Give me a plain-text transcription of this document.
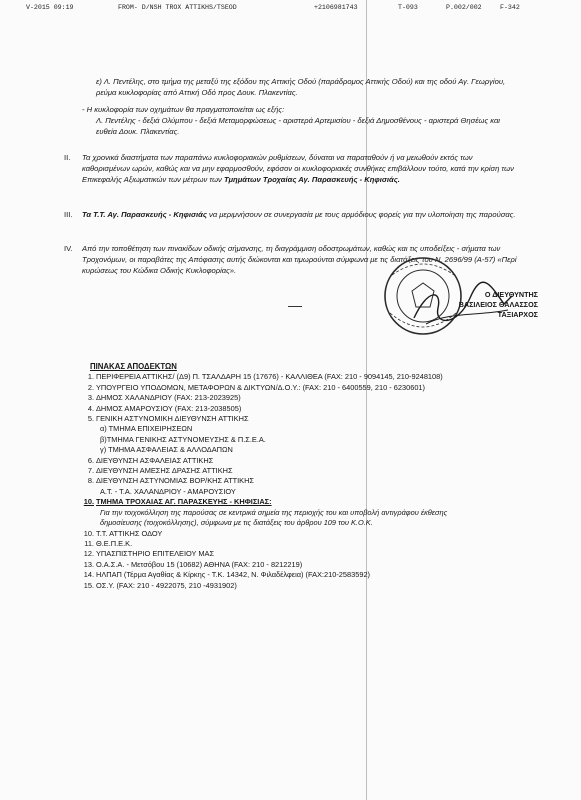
V-2015 09:19	FROM- D/NSH TROX ATTIKHS/TSEOD	+2106981743	T-093	P.002/002	F-342
ε) Λ. Πεντέλης, στο τμήμα της μεταξύ της εξόδου της Αττικής Οδού (παράδρομος Αττικής Οδού) και της οδού Αγ. Γεωργίου, ρεύμα κυκλοφορίας από Αττική Οδό προς Δουκ. Πλακεντίας.
- Η κυκλοφορία των οχημάτων θα πραγματοποιείται ως εξής:
Λ. Πεντέλης - δεξιά Ολύμπου - δεξιά Μεταμορφώσεως - αριστερά Αρτεμισίου - δεξιά Δημοσθένους - αριστερά Θησέως και ευθεία Δουκ. Πλακεντίας.
II. Τα χρονικά διαστήματα των παραπάνω κυκλοφοριακών ρυθμίσεων, δύναται να παραταθούν ή να μειωθούν εκτός των καθορισμένων ωρών, καθώς και να μην εφαρμοσθούν, εφόσον οι κυκλοφοριακές συνθήκες επιβάλλουν τούτο, κατά την κρίση των Επικεφαλής Αξιωματικών των μέτρων των Τμημάτων Τροχαίας Αγ. Παρασκευής - Κηφισιάς.
III. Τα Τ.Τ. Αγ. Παρασκευής - Κηφισιάς να μεριμνήσουν σε συνεργασία με τους αρμόδιους φορείς για την υλοποίηση της παρούσας.
IV. Από την τοποθέτηση των πινακίδων οδικής σήμανσης, τη διαγράμμιση οδοστρωμάτων, καθώς και τις υποδείξεις - σήματα των Τροχονόμων, οι παραβάτες της Απόφασης αυτής διώκονται και τιμωρούνται σύμφωνα με τις διατάξεις του Ν. 2696/99 (Α-57) «Περί κυρώσεως του Κώδικα Οδικής Κυκλοφορίας».
Ο ΔΙΕΥΘΥΝΤΗΣ
ΒΑΣΙΛΕΙΟΣ ΘΑΛΑΣΣΟΣ
ΤΑΞΙΑΡΧΟΣ
ΠΙΝΑΚΑΣ ΑΠΟΔΕΚΤΩΝ
1. ΠΕΡΙΦΕΡΕΙΑ ΑΤΤΙΚΗΣ/ (Δ9) Π. ΤΣΑΛΔΑΡΗ 15 (17676) - ΚΑΛΛΙΘΕΑ (FAX: 210 - 9094145, 210-9248108)
2. ΥΠΟΥΡΓΕΙΟ ΥΠΟΔΟΜΩΝ, ΜΕΤΑΦΟΡΩΝ & ΔΙΚΤΥΩΝ/Δ.Ο.Υ.: (FAX: 210 - 6400559, 210 - 6230601)
3. ΔΗΜΟΣ ΧΑΛΑΝΔΡΙΟΥ (FAX: 213-2023925)
4. ΔΗΜΟΣ ΑΜΑΡΟΥΣΙΟΥ (FAX: 213-2038505)
5. ΓΕΝΙΚΗ ΑΣΤΥΝΟΜΙΚΗ ΔΙΕΥΘΥΝΣΗ ΑΤΤΙΚΗΣ
α) ΤΜΗΜΑ ΕΠΙΧΕΙΡΗΣΕΩΝ
β)ΤΜΗΜΑ ΓΕΝΙΚΗΣ ΑΣΤΥΝΟΜΕΥΣΗΣ & Π.Σ.Ε.Α.
γ) ΤΜΗΜΑ ΑΣΦΑΛΕΙΑΣ & ΑΛΛΟΔΑΠΩΝ
6. ΔΙΕΥΘΥΝΣΗ ΑΣΦΑΛΕΙΑΣ ΑΤΤΙΚΗΣ
7. ΔΙΕΥΘΥΝΣΗ ΑΜΕΣΗΣ ΔΡΑΣΗΣ ΑΤΤΙΚΗΣ
8. ΔΙΕΥΘΥΝΣΗ ΑΣΤΥΝΟΜΙΑΣ ΒΟΡ/ΚΗΣ ΑΤΤΙΚΗΣ
Α.Τ. - Τ.Α. ΧΑΛΑΝΔΡΙΟΥ - ΑΜΑΡΟΥΣΙΟΥ
10. ΤΜΗΜΑ ΤΡΟΧΑΙΑΣ ΑΓ. ΠΑΡΑΣΚΕΥΗΣ - ΚΗΦΙΣΙΑΣ:
Για την τοιχοκόλληση της παρούσας σε κεντρικά σημεία της περιοχής του και υποβολή αντιγράφου έκθεσης δημοσίευσης (τοιχοκόλλησης), σύμφωνα με τις διατάξεις του άρθρου 109 του Κ.Ο.Κ.
10. Τ.Τ. ΑΤΤΙΚΗΣ ΟΔΟΥ
11. Θ.Ε.Π.Ε.Κ.
12. ΥΠΑΣΠΙΣΤΗΡΙΟ ΕΠΙΤΕΛΕΙΟΥ ΜΑΣ
13. Ο.Α.Σ.Α. - Μετσόβου 15 (10682) ΑΘΗΝΑ (FAX: 210 - 8212219)
14. ΗΛΠΑΠ (Τέρμα Αγαθίας & Κίρκης - Τ.Κ. 14342, Ν. Φιλαδέλφεια) (FAX:210-2583592)
15. ΟΣ.Υ. (FAX: 210 - 4922075, 210 -4931902)
